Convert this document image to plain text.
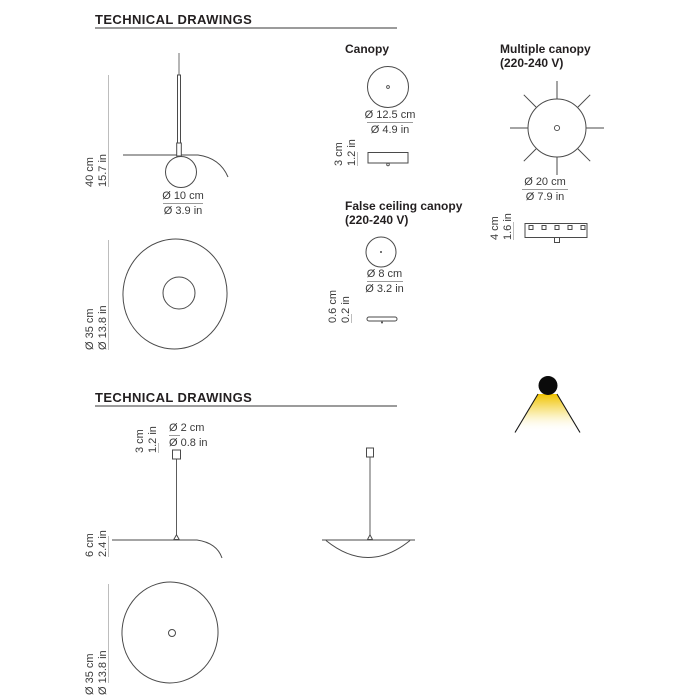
TECHNICAL DRAWINGS
TECHNICAL DRAWINGS
Canopy	Multiple canopy
(220-240 V)
False ceiling canopy
(220-240 V)
40 cm 15.7 in
Ø 35 cm Ø 13.8 in
3 cm 1.2 in
4 cm 1.6 in
0.6 cm 0.2 in
3 cm 1.2 in
6 cm 2.4 in
Ø 35 cm Ø 13.8 in
Ø 10 cm
Ø 3.9 in
Ø 12.5 cm
Ø 4.9 in
Ø 20 cm
Ø 7.9 in
Ø 8 cm
Ø 3.2 in
Ø 2 cm
Ø 0.8 in
